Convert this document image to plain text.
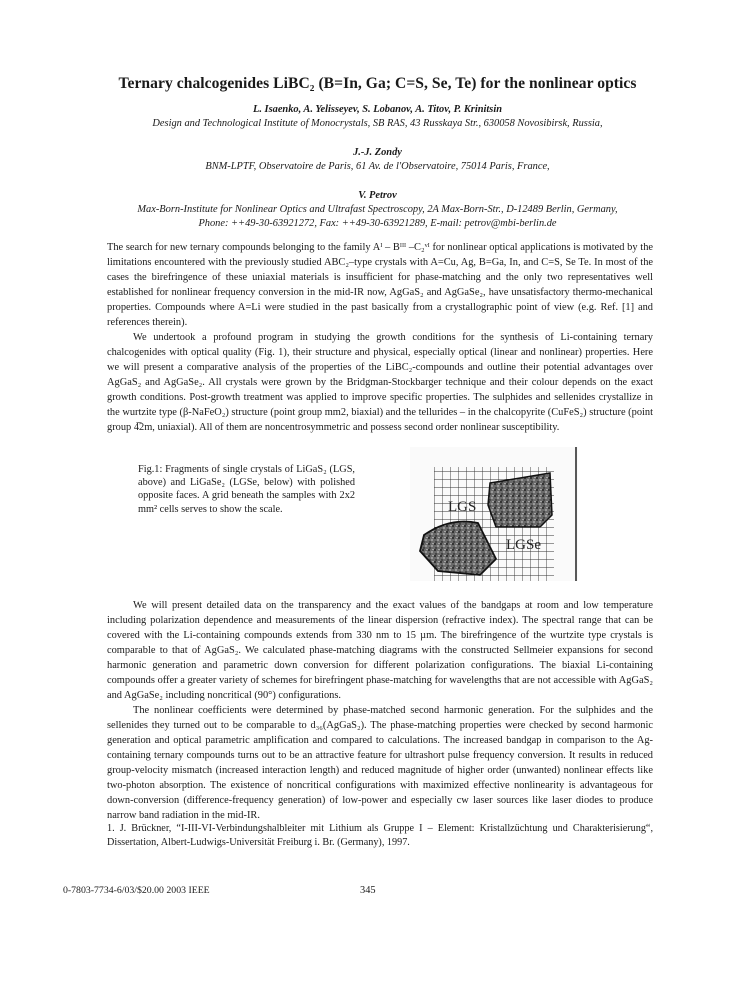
Ternary chalcogenides LiBC₂ (B=In, Ga; C=S, Se, Te) for the nonlinear optics
L. Isaenko, A. Yelisseyev, S. Lobanov, A. Titov, P. Krinitsin
Design and Technological Institute of Monocrystals, SB RAS, 43 Russkaya Str., 630058 Novosibirsk, Russia,
J.-J. Zondy
BNM-LPTF, Observatoire de Paris, 61 Av. de l'Observatoire, 75014 Paris, France,
V. Petrov
Max-Born-Institute for Nonlinear Optics and Ultrafast Spectroscopy, 2A Max-Born-Str., D-12489 Berlin, Germany,
Phone: ++49-30-63921272, Fax: ++49-30-63921289, E-mail: petrov@mbi-berlin.de

The search for new ternary compounds belonging to the family Aᴵ – Bᴵᴵᴵ –C₂ᵛᴵ for nonlinear optical applications is motivated by the limitations encountered with the previously studied ABC₂–type crystals with A=Cu, Ag, B=Ga, In, and C=S, Se Te. In most of the cases the birefringence of these uniaxial materials is insufficient for phase-matching and the only two representatives well established for nonlinear frequency conversion in the mid-IR now, AgGaS₂ and AgGaSe₂, have unsatisfactory thermo-mechanical properties. Compounds where A=Li were studied in the past basically from a crystallographic point of view (e.g. Ref. [1] and references therein).

We undertook a profound program in studying the growth conditions for the synthesis of Li-containing ternary chalcogenides with optical quality (Fig. 1), their structure and physical, especially optical (linear and nonlinear) properties. Here we will present a comparative analysis of the properties of the LiBC₂-compounds and outline their potential advantages over AgGaS₂ and AgGaSe₂. All crystals were grown by the Bridgman-Stockbarger technique and their colour depends on the exact growth conditions. Post-growth treatment was applied to improve specific properties. The sulphides and sellenides crystallize in the wurtzite type (β-NaFeO₂) structure (point group mm2, biaxial) and the tellurides – in the chalcopyrite (CuFeS₂) structure (point group 4̅2m, uniaxial). All of them are noncentrosymmetric and possess second order nonlinear susceptibility.

Fig.1: Fragments of single crystals of LiGaS₂ (LGS, above) and LiGaSe₂ (LGSe, below) with polished opposite faces. A grid beneath the samples with 2x2 mm² cells serves to show the scale.	LGS
LGSe

We will present detailed data on the transparency and the exact values of the bandgaps at room and low temperature including polarization dependence and measurements of the linear dispersion (refractive index). The spectral range that can be covered with the Li-containing compounds extends from 330 nm to 15 µm. The birefringence of the wurtzite type crystals is comparable to that of AgGaS₂. We calculated phase-matching diagrams with the constructed Sellmeier expansions for second harmonic generation and parametric down conversion for different polarization configurations. The biaxial Li-containing compounds offer a greater variety of schemes for birefringent phase-matching for wavelengths that are not accessible with AgGaS₂ and AgGaSe₂ including noncritical (90°) configurations.

The nonlinear coefficients were determined by phase-matched second harmonic generation. For the sulphides and the sellenides they turned out to be comparable to d₃₆(AgGaS₂). The phase-matching properties were checked by second harmonic generation and optical parametric amplification and compared to calculations. The increased bandgap in comparison to the Ag-containing ternary compounds turns out to be an attractive feature for ultrashort pulse frequency conversion. It results in reduced group-velocity mismatch (increased interaction length) and reduced magnitude of higher order (unwanted) nonlinear effects like two-photon absorption. The existence of noncritical configurations with maximized effective nonlinearity is advantageous for down-conversion (difference-frequency generation) of low-power and especially cw laser sources like laser diodes to produce narrow band radiation in the mid-IR.

1. J. Brückner, “I-III-VI-Verbindungshalbleiter mit Lithium als Gruppe I – Element: Kristallzüchtung und Charakterisierung“, Dissertation, Albert-Ludwigs-Universität Freiburg i. Br. (Germany), 1997.
0-7803-7734-6/03/$20.00 2003 IEEE	345
